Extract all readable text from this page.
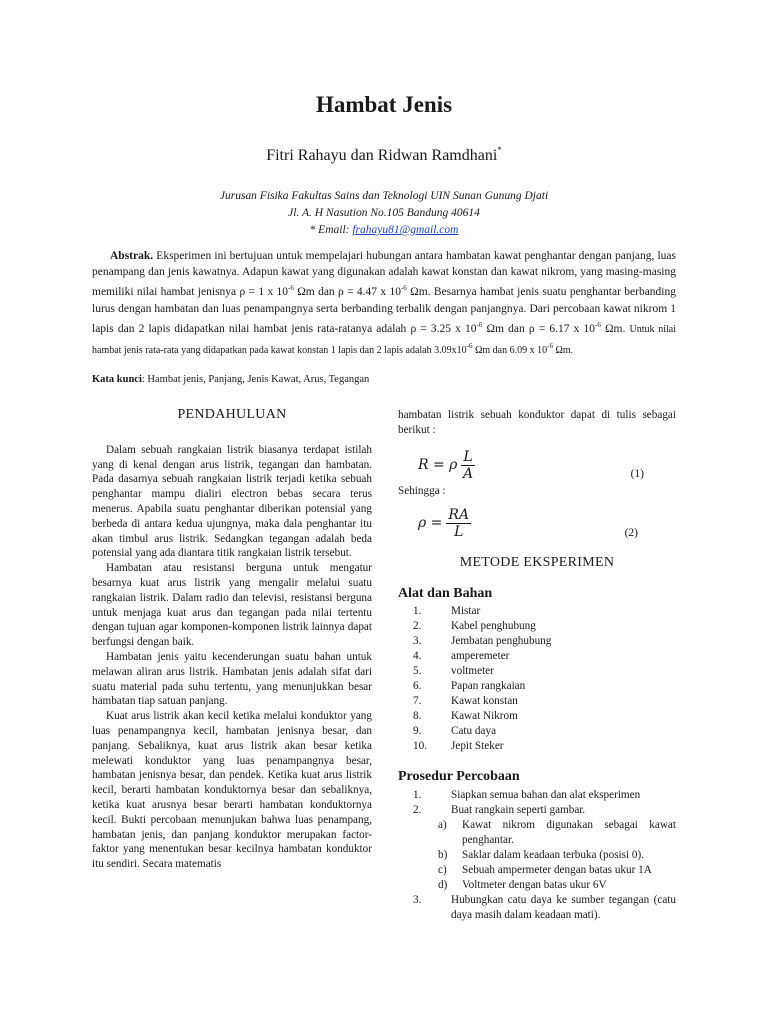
Hambat Jenis
Fitri Rahayu dan Ridwan Ramdhani*
Jurusan Fisika Fakultas Sains dan Teknologi UIN Sunan Gunung Djati
Jl. A. H Nasution No.105 Bandung 40614
* Email: frahayu81@gmail.com
Abstrak. Eksperimen ini bertujuan untuk mempelajari hubungan antara hambatan kawat penghantar dengan panjang, luas penampang dan jenis kawatnya. Adapun kawat yang digunakan adalah kawat konstan dan kawat nikrom, yang masing-masing memiliki nilai hambat jenisnya ρ = 1 x $10^{-6}$ Ωm dan ρ = 4.47 x $10^{-6}$ Ωm. Besarnya hambat jenis suatu penghantar berbanding lurus dengan hambatan dan luas penampangnya serta berbanding terbalik dengan panjangnya. Dari percobaan kawat nikrom 1 lapis dan 2 lapis didapatkan nilai hambat jenis rata-ratanya adalah ρ = 3.25 x $10^{-6}$ Ωm dan ρ = 6.17 x $10^{-6}$ Ωm. Untuk nilai hambat jenis rata-rata yang didapatkan pada kawat konstan 1 lapis dan 2 lapis adalah $3.09x10^{-6}$ Ωm dan 6.09 x $10^{-6}$ Ωm.
Kata kunci: Hambat jenis, Panjang, Jenis Kawat, Arus, Tegangan
PENDAHULUAN

Dalam sebuah rangkaian listrik biasanya terdapat istilah yang di kenal dengan arus listrik, tegangan dan hambatan. Pada dasarnya sebuah rangkaian listrik terjadi ketika sebuah penghantar mampu dialiri electron bebas secara terus menerus. Apabila suatu penghantar diberikan potensial yang berbeda di antara kedua ujungnya, maka dala penghantar itu akan timbul arus listrik. Sedangkan tegangan adalah beda potensial yang ada diantara titik rangkaian listrik tersebut.

Hambatan atau resistansi berguna untuk mengatur besarnya kuat arus listrik yang mengalir melalui suatu rangkaian listrik. Dalam radio dan televisi, resistansi berguna untuk menjaga kuat arus dan tegangan pada nilai tertentu dengan tujuan agar komponen-komponen listrik lainnya dapat berfungsi dengan baik.

Hambatan jenis yaitu kecenderungan suatu bahan untuk melawan aliran arus listrik. Hambatan jenis adalah sifat dari suatu material pada suhu tertentu, yang menunjukkan besar hambatan tiap satuan panjang.

Kuat arus listrik akan kecil ketika melalui konduktor yang luas penampangnya kecil, hambatan jenisnya besar, dan panjang. Sebaliknya, kuat arus listrik akan besar ketika melewati konduktor yang luas penampangnya besar, hambatan jenisnya besar, dan pendek. Ketika kuat arus listrik kecil, berarti hambatan konduktornya besar dan sebaliknya, ketika kuat arusnya besar berarti hambatan konduktornya kecil. Bukti percobaan menunjukan bahwa luas penampang, hambatan jenis, dan panjang konduktor merupakan factor-faktor yang menentukan besar kecilnya hambatan konduktor itu sendiri. Secara matematis

hambatan listrik sebuah konduktor dapat di tulis sebagai berikut :
R = ρ $\frac{L}{A}$	(1)
Sehingga :
$\rho = \frac{RA}{L}$	(2)
METODE EKSPERIMEN
Alat dan Bahan
1.	Mistar
2.	Kabel penghubung
3.	Jembatan penghubung
4.	amperemeter
5.	voltmeter
6.	Papan rangkaian
7.	Kawat konstan
8.	Kawat Nikrom
9.	Catu daya
10.	Jepit Steker
Prosedur Percobaan
1.	Siapkan semua bahan dan alat eksperimen
2.	Buat rangkain seperti gambar.
a)	Kawat nikrom digunakan sebagai kawat penghantar.
b)	Saklar dalam keadaan terbuka (posisi 0).
c)	Sebuah ampermeter dengan batas ukur 1A
d)	Voltmeter dengan batas ukur 6V
3.	Hubungkan catu daya ke sumber tegangan (catu daya masih dalam keadaan mati).
